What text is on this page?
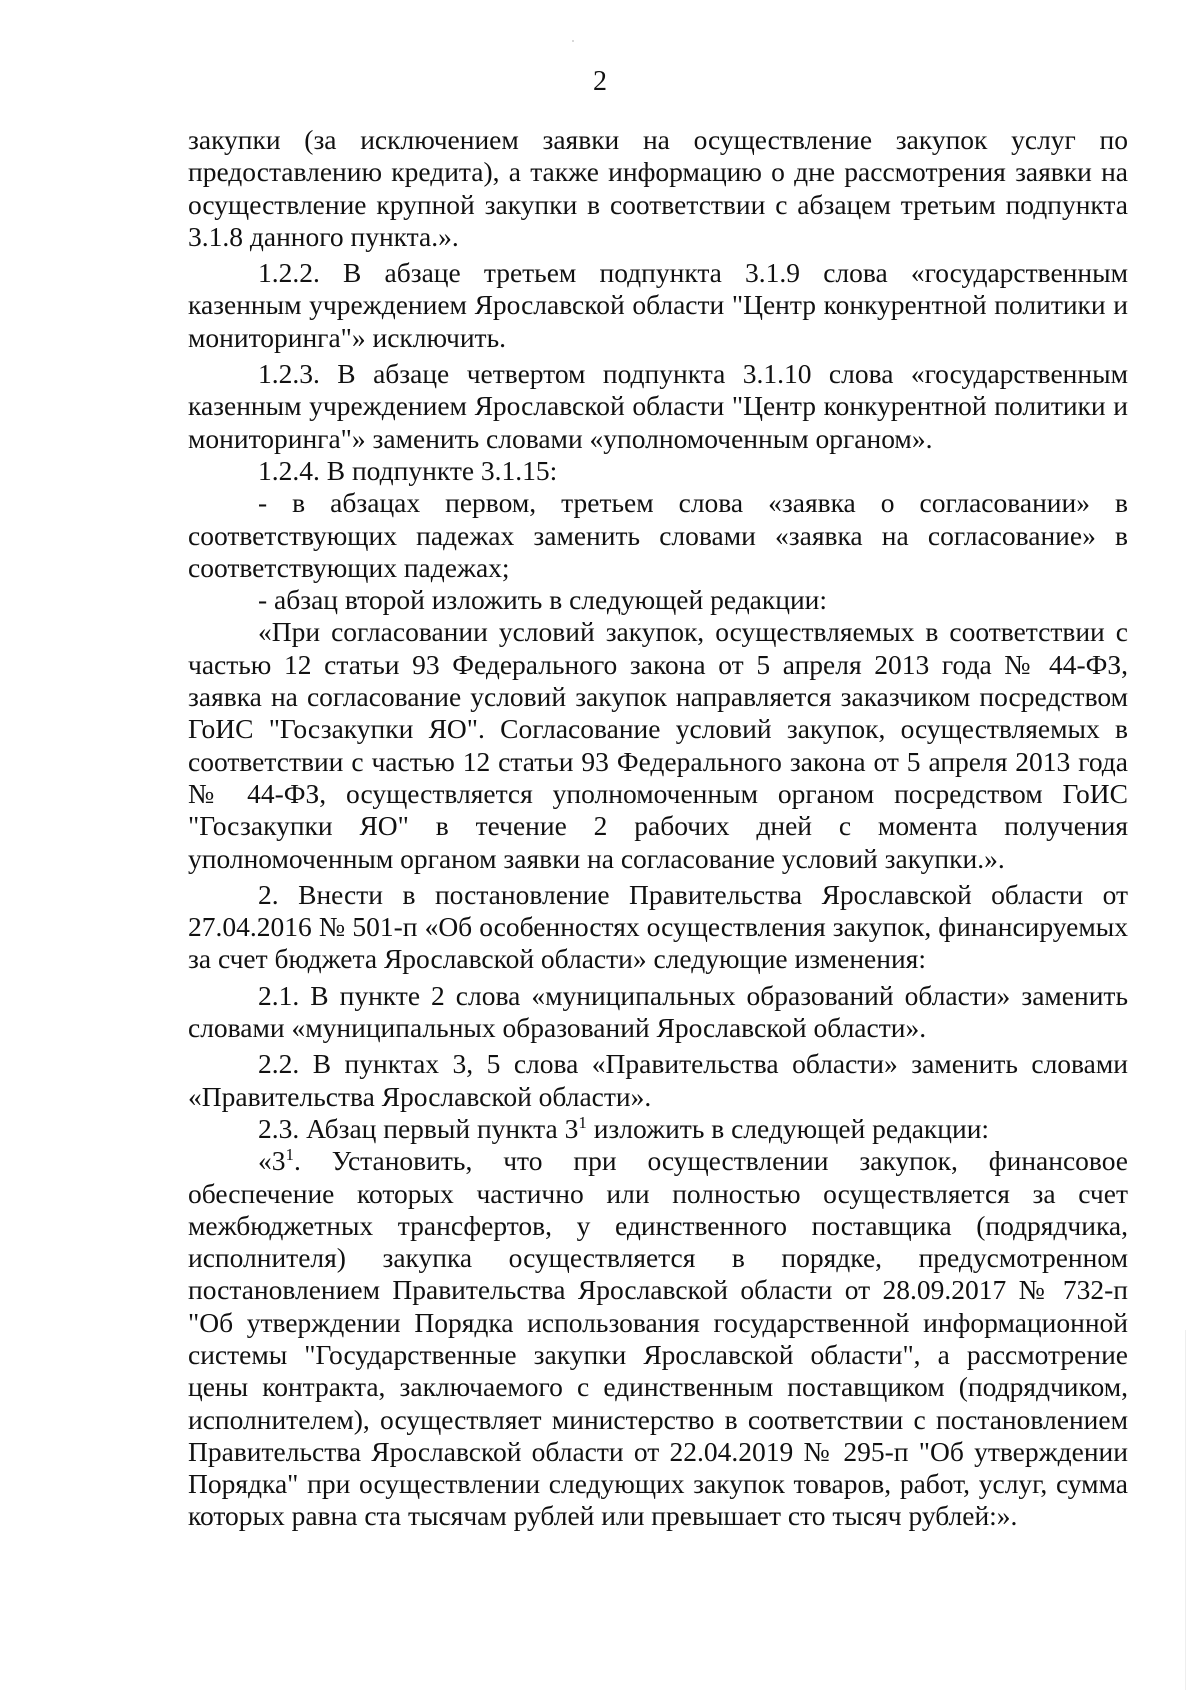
2

закупки (за исключением заявки на осуществление закупок услуг по предоставлению кредита), а также информацию о дне рассмотрения заявки на осуществление крупной закупки в соответствии с абзацем третьим подпункта 3.1.8 данного пункта.».

1.2.2. В абзаце третьем подпункта 3.1.9 слова «государственным казенным учреждением Ярославской области "Центр конкурентной политики и мониторинга"» исключить.

1.2.3. В абзаце четвертом подпункта 3.1.10 слова «государственным казенным учреждением Ярославской области "Центр конкурентной политики и мониторинга"» заменить словами «уполномоченным органом».

1.2.4. В подпункте 3.1.15:

- в абзацах первом, третьем слова «заявка о согласовании» в соответствующих падежах заменить словами «заявка на согласование» в соответствующих падежах;

- абзац второй изложить в следующей редакции:

«При согласовании условий закупок, осуществляемых в соответствии с частью 12 статьи 93 Федерального закона от 5 апреля 2013 года № 44-ФЗ, заявка на согласование условий закупок направляется заказчиком посредством ГоИС "Госзакупки ЯО". Согласование условий закупок, осуществляемых в соответствии с частью 12 статьи 93 Федерального закона от 5 апреля 2013 года № 44-ФЗ, осуществляется уполномоченным органом посредством ГоИС "Госзакупки ЯО" в течение 2 рабочих дней с момента получения уполномоченным органом заявки на согласование условий закупки.».

2. Внести в постановление Правительства Ярославской области от 27.04.2016 № 501-п «Об особенностях осуществления закупок, финансируемых за счет бюджета Ярославской области» следующие изменения:

2.1. В пункте 2 слова «муниципальных образований области» заменить словами «муниципальных образований Ярославской области».

2.2. В пунктах 3, 5 слова «Правительства области» заменить словами «Правительства Ярославской области».

2.3. Абзац первый пункта $3^1$ изложить в следующей редакции:

«$3^1$. Установить, что при осуществлении закупок, финансовое обеспечение которых частично или полностью осуществляется за счет межбюджетных трансфертов, у единственного поставщика (подрядчика, исполнителя) закупка осуществляется в порядке, предусмотренном постановлением Правительства Ярославской области от 28.09.2017 № 732-п "Об утверждении Порядка использования государственной информационной системы "Государственные закупки Ярославской области", а рассмотрение цены контракта, заключаемого с единственным поставщиком (подрядчиком, исполнителем), осуществляет министерство в соответствии с постановлением Правительства Ярославской области от 22.04.2019 № 295-п "Об утверждении Порядка" при осуществлении следующих закупок товаров, работ, услуг, сумма которых равна ста тысячам рублей или превышает сто тысяч рублей:».
